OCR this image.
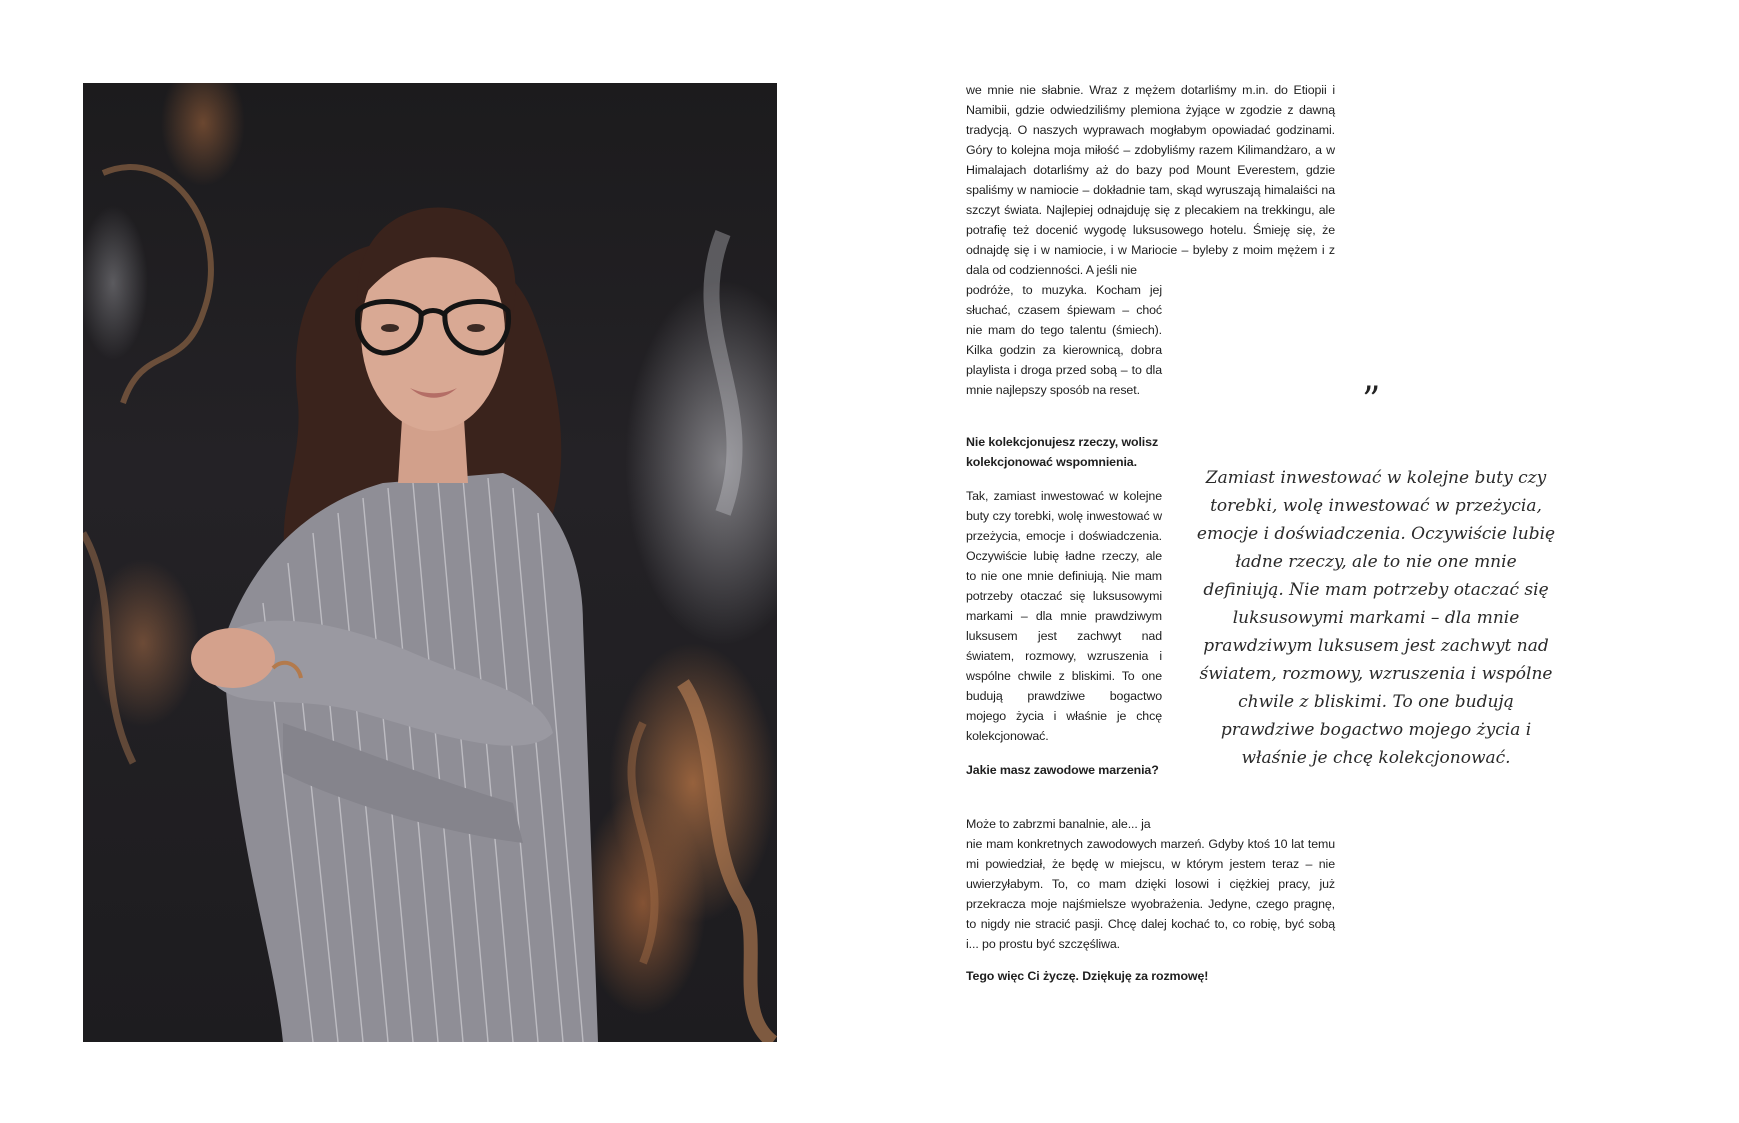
we mnie nie słabnie. Wraz z mężem dotarliśmy m.in. do Etiopii i Namibii, gdzie odwiedziliśmy plemiona żyjące w zgodzie z dawną tradycją. O naszych wyprawach mogłabym opowiadać godzinami. Góry to kolejna moja miłość – zdobyliśmy razem Kilimandżaro, a w Himalajach dotarliśmy aż do bazy pod Mount Everestem, gdzie spaliśmy w namiocie – dokładnie tam, skąd wyruszają himalaiści na szczyt świata. Najlepiej odnajduję się z plecakiem na trekkingu, ale potrafię też docenić wygodę luksusowego hotelu. Śmieję się, że odnajdę się i w namiocie, i w Mariocie – byleby z moim mężem i z dala od codzienności. A jeśli nie

podróże, to muzyka. Kocham jej słuchać, czasem śpiewam – choć nie mam do tego talentu (śmiech). Kilka godzin za kierownicą, dobra playlista i droga przed sobą – to dla mnie najlepszy sposób na reset.

Nie kolekcjonujesz rzeczy, wolisz kolekcjonować wspomnienia.

Tak, zamiast inwestować w kolejne buty czy torebki, wolę inwestować w przeżycia, emocje i doświadczenia. Oczywiście lubię ładne rzeczy, ale to nie one mnie definiują. Nie mam potrzeby otaczać się luksusowymi markami – dla mnie prawdziwym luksusem jest zachwyt nad światem, rozmowy, wzruszenia i wspólne chwile z bliskimi. To one budują prawdziwe bogactwo mojego życia i właśnie je chcę kolekcjonować.

Jakie masz zawodowe marzenia?

Może to zabrzmi banalnie, ale... ja

nie mam konkretnych zawodowych marzeń. Gdyby ktoś 10 lat temu mi powiedział, że będę w miejscu, w którym jestem teraz – nie uwierzyłabym. To, co mam dzięki losowi i ciężkiej pracy, już przekracza moje najśmielsze wyobrażenia. Jedyne, czego pragnę, to nigdy nie stracić pasji. Chcę dalej kochać to, co robię, być sobą i... po prostu być szczęśliwa.

Tego więc Ci życzę. Dziękuję za rozmowę!

”

Zamiast inwestować w kolejne buty czy torebki, wolę inwestować w przeżycia, emocje i doświadczenia. Oczywiście lubię ładne rzeczy, ale to nie one mnie definiują. Nie mam potrzeby otaczać się luksusowymi markami – dla mnie prawdziwym luksusem jest zachwyt nad światem, rozmowy, wzruszenia i wspólne chwile z bliskimi. To one budują prawdziwe bogactwo mojego życia i właśnie je chcę kolekcjonować.
